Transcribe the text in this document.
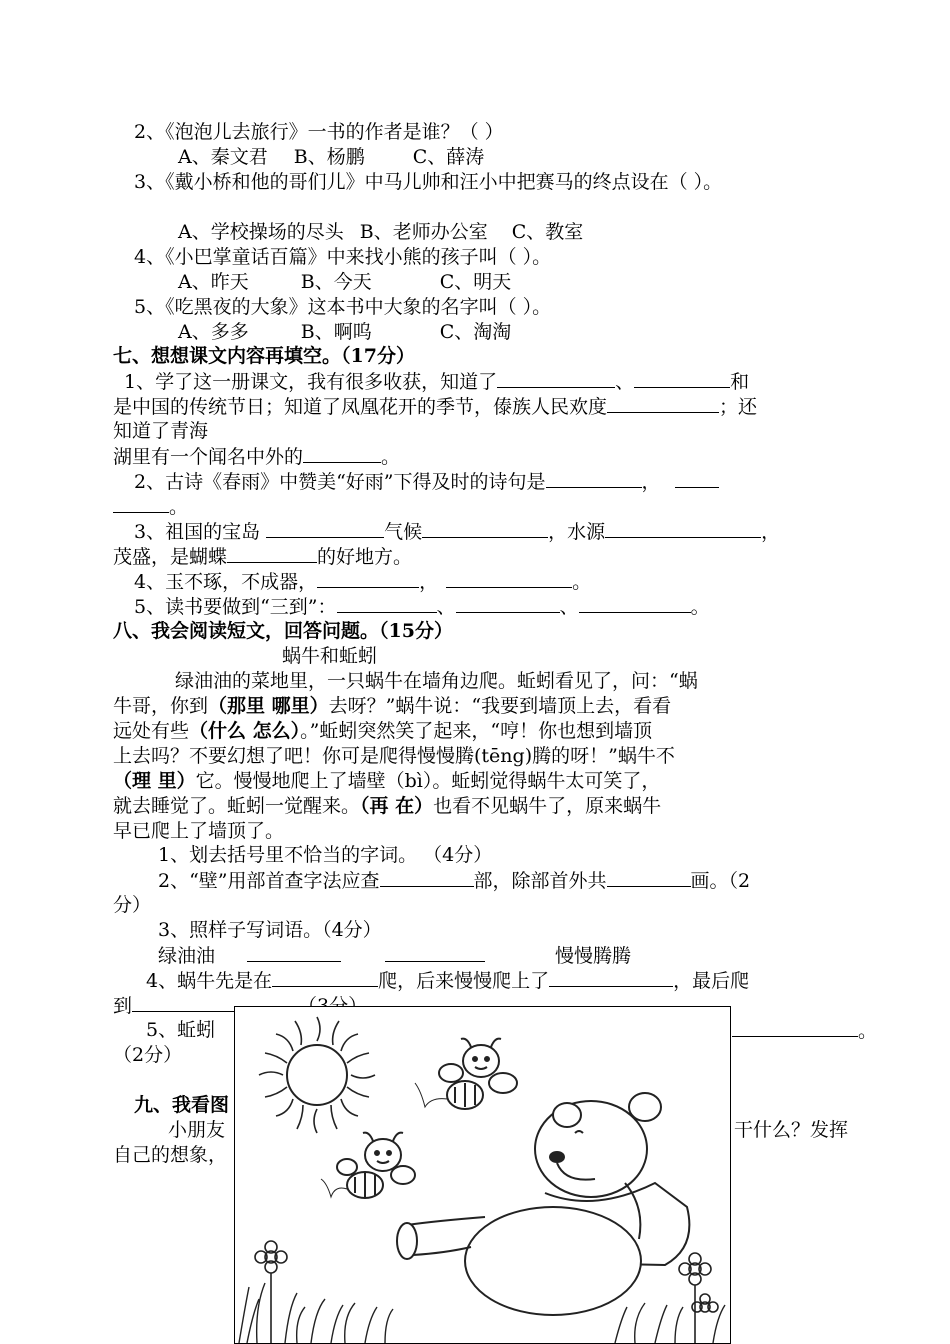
2、《泡泡儿去旅行》一书的作者是谁？（ ）
A、秦文君 B、杨鹏	C、薛涛
3、《戴小桥和他的哥们儿》中马儿帅和汪小中把赛马的终点设在（ ）。
A、学校操场的尽头 B、老师办公室 C、教室
4、《小巴掌童话百篇》中来找小熊的孩子叫（ ）。
A、昨天	B、今天	C、明天
5、《吃黑夜的大象》这本书中大象的名字叫（ ）。
A、多多	B、啊呜	C、淘淘
七、想想课文内容再填空。（17分）
1、学了这一册课文，我有很多收获，知道了	、	和
是中国的传统节日；知道了凤凰花开的季节，傣族人民欢度	；还
知道了青海
湖里有一个闻名中外的	。
2、古诗《春雨》中赞美“好雨”下得及时的诗句是	，
。
3、祖国的宝岛	气候	，水源	，
茂盛，是蝴蝶	的好地方。
4、玉不琢，不成器，	，	。
5、读书要做到“三到”：	、	、	。
八、我会阅读短文，回答问题。（15分）
蜗牛和蚯蚓
绿油油的菜地里，一只蜗牛在墙角边爬。蚯蚓看见了，问：“蜗
牛哥，你到（那里 哪里）去呀？”蜗牛说：“我要到墙顶上去，看看
远处有些（什么 怎么）。”蚯蚓突然笑了起来，“哼！你也想到墙顶
上去吗？不要幻想了吧！你可是爬得慢慢腾(tēng)腾的呀！”蜗牛不
（理 里）它。慢慢地爬上了墙壁（bì）。蚯蚓觉得蜗牛太可笑了，
就去睡觉了。蚯蚓一觉醒来。（再 在）也看不见蜗牛了，原来蜗牛
早已爬上了墙顶了。
1、划去括号里不恰当的字词。 （4分）
2、“壁”用部首查字法应查	部，除部首外共	画。（2
分）
3、照样子写词语。（4分）
绿油油	慢慢腾腾
4、蜗牛先是在	爬，后来慢慢爬上了	，最后爬
到
5、蚯蚓	。
（2分）
九、我看图
小朋友	干什么？发挥
自己的想象，
